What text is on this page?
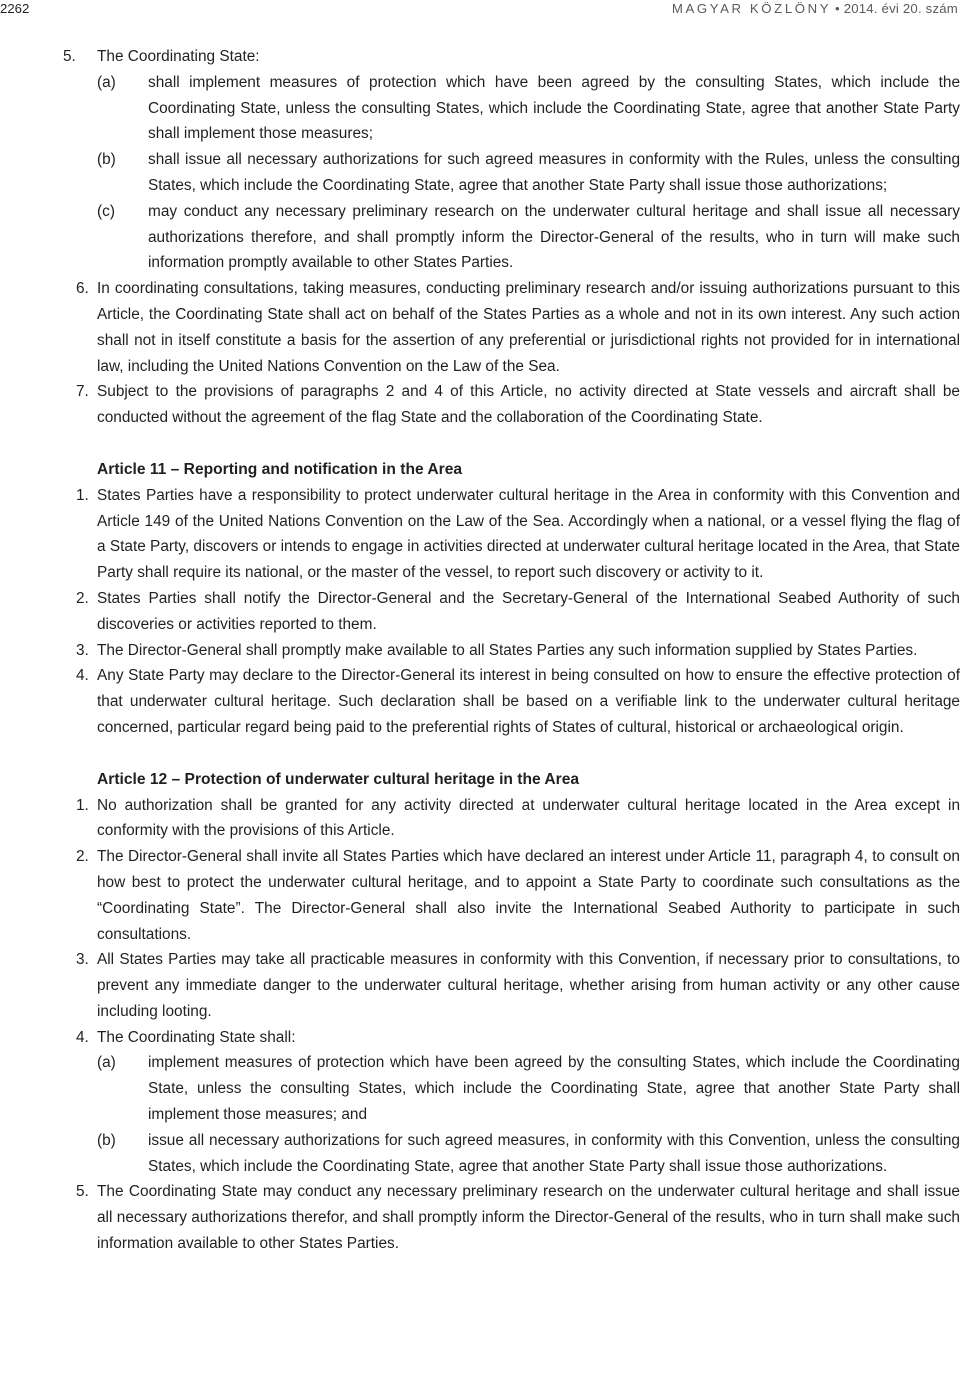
2262	MAGYAR KÖZLÖNY • 2014. évi 20. szám

5. The Coordinating State:

(a) shall implement measures of protection which have been agreed by the consulting States, which include the Coordinating State, unless the consulting States, which include the Coordinating State, agree that another State Party shall implement those measures;

(b) shall issue all necessary authorizations for such agreed measures in conformity with the Rules, unless the consulting States, which include the Coordinating State, agree that another State Party shall issue those authorizations;

(c) may conduct any necessary preliminary research on the underwater cultural heritage and shall issue all necessary authorizations therefore, and shall promptly inform the Director-General of the results, who in turn will make such information promptly available to other States Parties.

6. In coordinating consultations, taking measures, conducting preliminary research and/or issuing authorizations pursuant to this Article, the Coordinating State shall act on behalf of the States Parties as a whole and not in its own interest. Any such action shall not in itself constitute a basis for the assertion of any preferential or jurisdictional rights not provided for in international law, including the United Nations Convention on the Law of the Sea.

7. Subject to the provisions of paragraphs 2 and 4 of this Article, no activity directed at State vessels and aircraft shall be conducted without the agreement of the flag State and the collaboration of the Coordinating State.

Article 11 – Reporting and notification in the Area

1. States Parties have a responsibility to protect underwater cultural heritage in the Area in conformity with this Convention and Article 149 of the United Nations Convention on the Law of the Sea. Accordingly when a national, or a vessel flying the flag of a State Party, discovers or intends to engage in activities directed at underwater cultural heritage located in the Area, that State Party shall require its national, or the master of the vessel, to report such discovery or activity to it.

2. States Parties shall notify the Director-General and the Secretary-General of the International Seabed Authority of such discoveries or activities reported to them.

3. The Director-General shall promptly make available to all States Parties any such information supplied by States Parties.

4. Any State Party may declare to the Director-General its interest in being consulted on how to ensure the effective protection of that underwater cultural heritage. Such declaration shall be based on a verifiable link to the underwater cultural heritage concerned, particular regard being paid to the preferential rights of States of cultural, historical or archaeological origin.

Article 12 – Protection of underwater cultural heritage in the Area

1. No authorization shall be granted for any activity directed at underwater cultural heritage located in the Area except in conformity with the provisions of this Article.

2. The Director-General shall invite all States Parties which have declared an interest under Article 11, paragraph 4, to consult on how best to protect the underwater cultural heritage, and to appoint a State Party to coordinate such consultations as the “Coordinating State”. The Director-General shall also invite the International Seabed Authority to participate in such consultations.

3. All States Parties may take all practicable measures in conformity with this Convention, if necessary prior to consultations, to prevent any immediate danger to the underwater cultural heritage, whether arising from human activity or any other cause including looting.

4. The Coordinating State shall:

(a) implement measures of protection which have been agreed by the consulting States, which include the Coordinating State, unless the consulting States, which include the Coordinating State, agree that another State Party shall implement those measures; and

(b) issue all necessary authorizations for such agreed measures, in conformity with this Convention, unless the consulting States, which include the Coordinating State, agree that another State Party shall issue those authorizations.

5. The Coordinating State may conduct any necessary preliminary research on the underwater cultural heritage and shall issue all necessary authorizations therefor, and shall promptly inform the Director-General of the results, who in turn shall make such information available to other States Parties.
